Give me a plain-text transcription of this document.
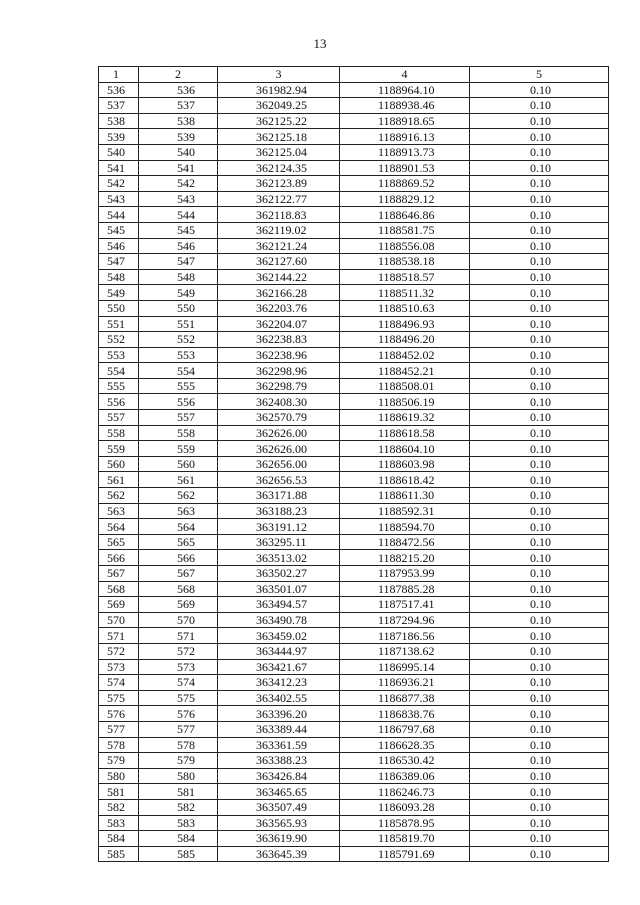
13
1	2	3	4	5
536	536	361982.94	1188964.10	0.10
537	537	362049.25	1188938.46	0.10
538	538	362125.22	1188918.65	0.10
539	539	362125.18	1188916.13	0.10
540	540	362125.04	1188913.73	0.10
541	541	362124.35	1188901.53	0.10
542	542	362123.89	1188869.52	0.10
543	543	362122.77	1188829.12	0.10
544	544	362118.83	1188646.86	0.10
545	545	362119.02	1188581.75	0.10
546	546	362121.24	1188556.08	0.10
547	547	362127.60	1188538.18	0.10
548	548	362144.22	1188518.57	0.10
549	549	362166.28	1188511.32	0.10
550	550	362203.76	1188510.63	0.10
551	551	362204.07	1188496.93	0.10
552	552	362238.83	1188496.20	0.10
553	553	362238.96	1188452.02	0.10
554	554	362298.96	1188452.21	0.10
555	555	362298.79	1188508.01	0.10
556	556	362408.30	1188506.19	0.10
557	557	362570.79	1188619.32	0.10
558	558	362626.00	1188618.58	0.10
559	559	362626.00	1188604.10	0.10
560	560	362656.00	1188603.98	0.10
561	561	362656.53	1188618.42	0.10
562	562	363171.88	1188611.30	0.10
563	563	363188.23	1188592.31	0.10
564	564	363191.12	1188594.70	0.10
565	565	363295.11	1188472.56	0.10
566	566	363513.02	1188215.20	0.10
567	567	363502.27	1187953.99	0.10
568	568	363501.07	1187885.28	0.10
569	569	363494.57	1187517.41	0.10
570	570	363490.78	1187294.96	0.10
571	571	363459.02	1187186.56	0.10
572	572	363444.97	1187138.62	0.10
573	573	363421.67	1186995.14	0.10
574	574	363412.23	1186936.21	0.10
575	575	363402.55	1186877.38	0.10
576	576	363396.20	1186838.76	0.10
577	577	363389.44	1186797.68	0.10
578	578	363361.59	1186628.35	0.10
579	579	363388.23	1186530.42	0.10
580	580	363426.84	1186389.06	0.10
581	581	363465.65	1186246.73	0.10
582	582	363507.49	1186093.28	0.10
583	583	363565.93	1185878.95	0.10
584	584	363619.90	1185819.70	0.10
585	585	363645.39	1185791.69	0.10
